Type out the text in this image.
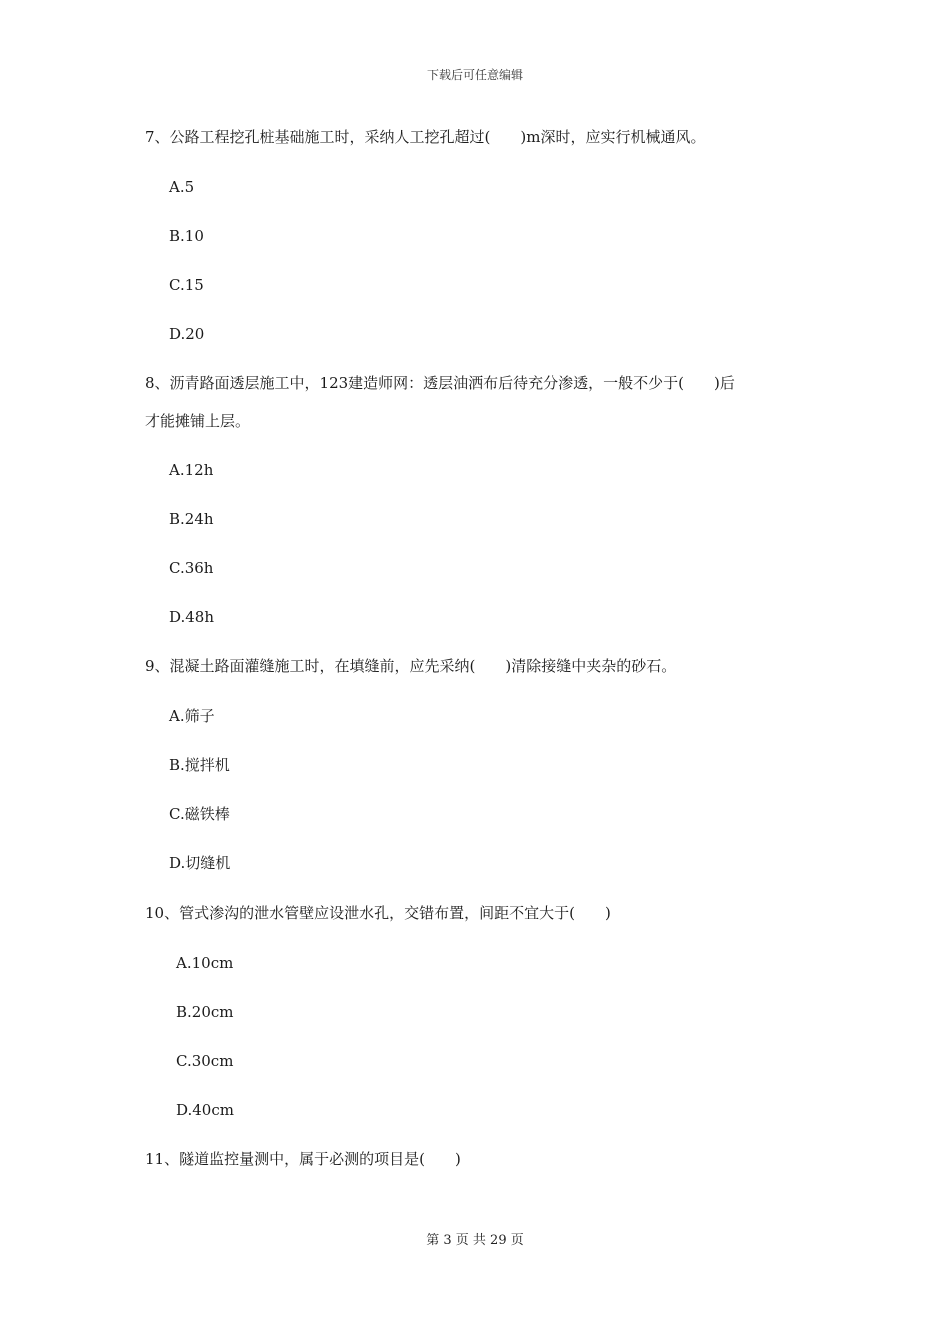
下载后可任意编辑
7、公路工程挖孔桩基础施工时，采纳人工挖孔超过(　　)m深时，应实行机械通风。
A.5
B.10
C.15
D.20
8、沥青路面透层施工中，123建造师网：透层油洒布后待充分渗透，一般不少于(　　)后
才能摊铺上层。
A.12h
B.24h
C.36h
D.48h
9、混凝土路面灌缝施工时，在填缝前，应先采纳(　　)清除接缝中夹杂的砂石。
A.筛子
B.搅拌机
C.磁铁棒
D.切缝机
10、管式渗沟的泄水管壁应设泄水孔，交错布置，间距不宜大于(　　)
A.10cm
B.20cm
C.30cm
D.40cm
11、隧道监控量测中，属于必测的项目是(　　)
第 3 页 共 29 页
